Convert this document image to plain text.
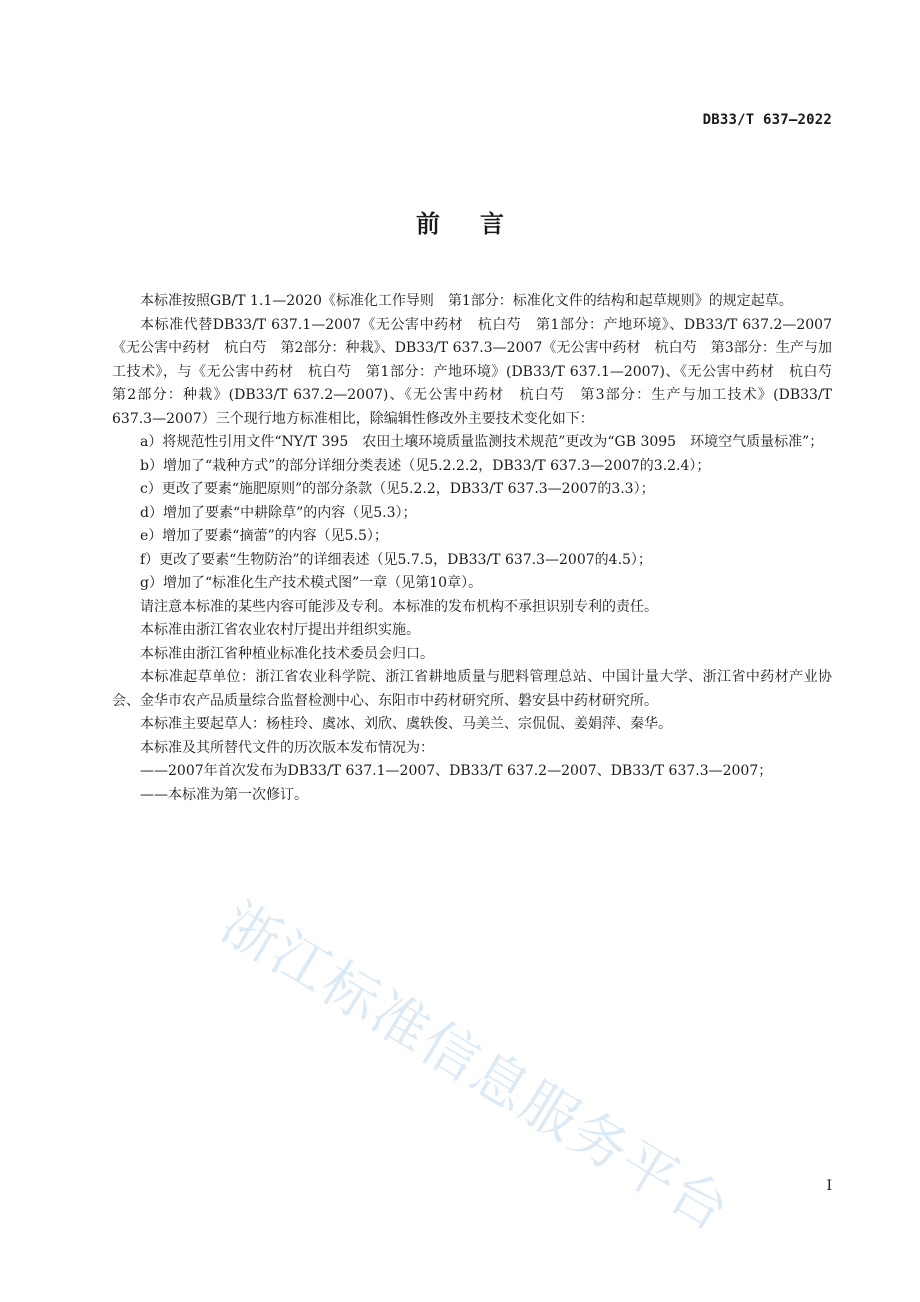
DB33/T 637—2022
前言

本标准按照GB/T 1.1—2020《标准化工作导则　第1部分：标准化文件的结构和起草规则》的规定起草。

本标准代替DB33/T 637.1—2007《无公害中药材　杭白芍　第1部分：产地环境》、DB33/T 637.2—2007《无公害中药材　杭白芍　第2部分：种栽》、DB33/T 637.3—2007《无公害中药材　杭白芍　第3部分：生产与加工技术》，与《无公害中药材　杭白芍　第1部分：产地环境》(DB33/T 637.1—2007)、《无公害中药材　杭白芍　第2部分：种栽》(DB33/T 637.2—2007)、《无公害中药材　杭白芍　第3部分：生产与加工技术》(DB33/T 637.3—2007）三个现行地方标准相比，除编辑性修改外主要技术变化如下：

a）将规范性引用文件“NY/T 395　农田土壤环境质量监测技术规范”更改为“GB 3095　环境空气质量标准”；

b）增加了“栽种方式”的部分详细分类表述（见5.2.2.2，DB33/T 637.3—2007的3.2.4）；

c）更改了要素“施肥原则”的部分条款（见5.2.2，DB33/T 637.3—2007的3.3）；

d）增加了要素“中耕除草”的内容（见5.3）；

e）增加了要素“摘蕾”的内容（见5.5）；

f）更改了要素“生物防治”的详细表述（见5.7.5，DB33/T 637.3—2007的4.5）；

g）增加了“标准化生产技术模式图”一章（见第10章）。

请注意本标准的某些内容可能涉及专利。本标准的发布机构不承担识别专利的责任。

本标准由浙江省农业农村厅提出并组织实施。

本标准由浙江省种植业标准化技术委员会归口。

本标准起草单位：浙江省农业科学院、浙江省耕地质量与肥料管理总站、中国计量大学、浙江省中药材产业协会、金华市农产品质量综合监督检测中心、东阳市中药材研究所、磐安县中药材研究所。

本标准主要起草人：杨桂玲、虞冰、刘欣、虞轶俊、马美兰、宗侃侃、姜娟萍、秦华。

本标准及其所替代文件的历次版本发布情况为：

——2007年首次发布为DB33/T 637.1—2007、DB33/T 637.2—2007、DB33/T 637.3—2007；

——本标准为第一次修订。

浙江标准信息服务平台	I
